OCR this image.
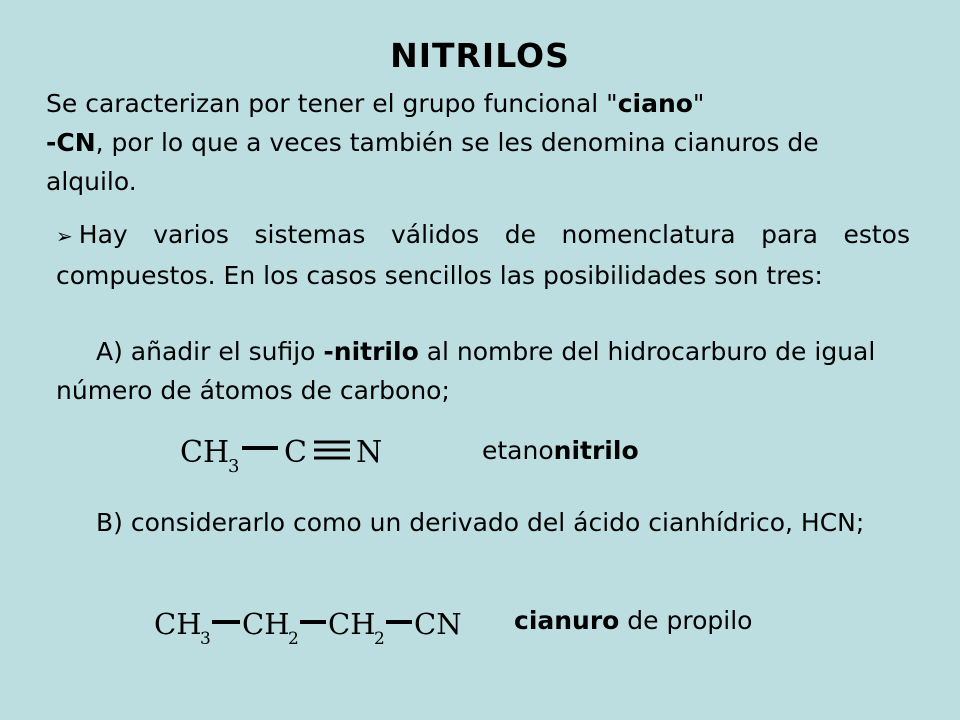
NITRILOS
Se caracterizan por tener el grupo funcional "ciano"
-CN, por lo que a veces también se les denomina cianuros de alquilo.
➢ Hay varios sistemas válidos de nomenclatura para estos compuestos. En los casos sencillos las posibilidades son tres:
A) añadir el sufijo -nitrilo al nombre del hidrocarburo de igual número de átomos de carbono;
CH
3 C N	etanonitrilo
B) considerarlo como un derivado del ácido cianhídrico, HCN;
CH
3 CH
2 CH
2 CN cianuro de propilo
